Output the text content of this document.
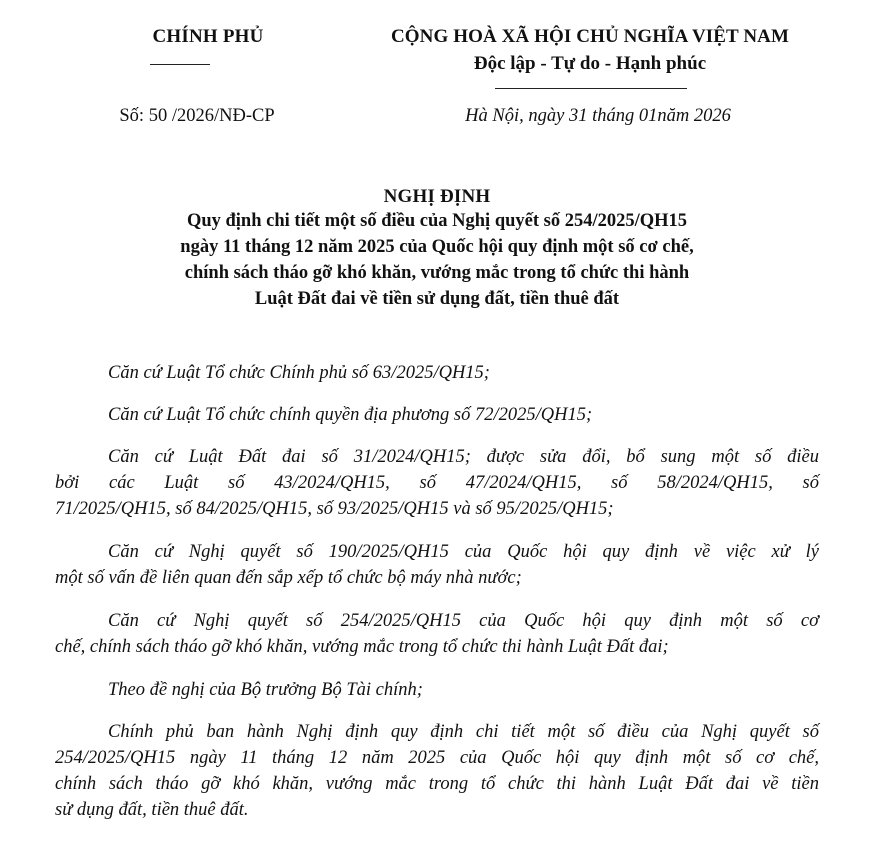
CHÍNH PHỦ	CỘNG HOÀ XÃ HỘI CHỦ NGHĨA VIỆT NAM
Độc lập - Tự do - Hạnh phúc
Số: 50 /2026/NĐ-CP	Hà Nội, ngày 31 tháng 01năm 2026
NGHỊ ĐỊNH
Quy định chi tiết một số điều của Nghị quyết số 254/2025/QH15
ngày 11 tháng 12 năm 2025 của Quốc hội quy định một số cơ chế,
chính sách tháo gỡ khó khăn, vướng mắc trong tổ chức thi hành
Luật Đất đai về tiền sử dụng đất, tiền thuê đất

Căn cứ Luật Tổ chức Chính phủ số 63/2025/QH15;

Căn cứ Luật Tổ chức chính quyền địa phương số 72/2025/QH15;

Căn cứ Luật Đất đai số 31/2024/QH15; được sửa đổi, bổ sung một số điều
bởi các Luật số 43/2024/QH15, số 47/2024/QH15, số 58/2024/QH15, số
71/2025/QH15, số 84/2025/QH15, số 93/2025/QH15 và số 95/2025/QH15;

Căn cứ Nghị quyết số 190/2025/QH15 của Quốc hội quy định về việc xử lý
một số vấn đề liên quan đến sắp xếp tổ chức bộ máy nhà nước;

Căn cứ Nghị quyết số 254/2025/QH15 của Quốc hội quy định một số cơ
chế, chính sách tháo gỡ khó khăn, vướng mắc trong tổ chức thi hành Luật Đất đai;

Theo đề nghị của Bộ trưởng Bộ Tài chính;

Chính phủ ban hành Nghị định quy định chi tiết một số điều của Nghị quyết số
254/2025/QH15 ngày 11 tháng 12 năm 2025 của Quốc hội quy định một số cơ chế,
chính sách tháo gỡ khó khăn, vướng mắc trong tổ chức thi hành Luật Đất đai về tiền
sử dụng đất, tiền thuê đất.
